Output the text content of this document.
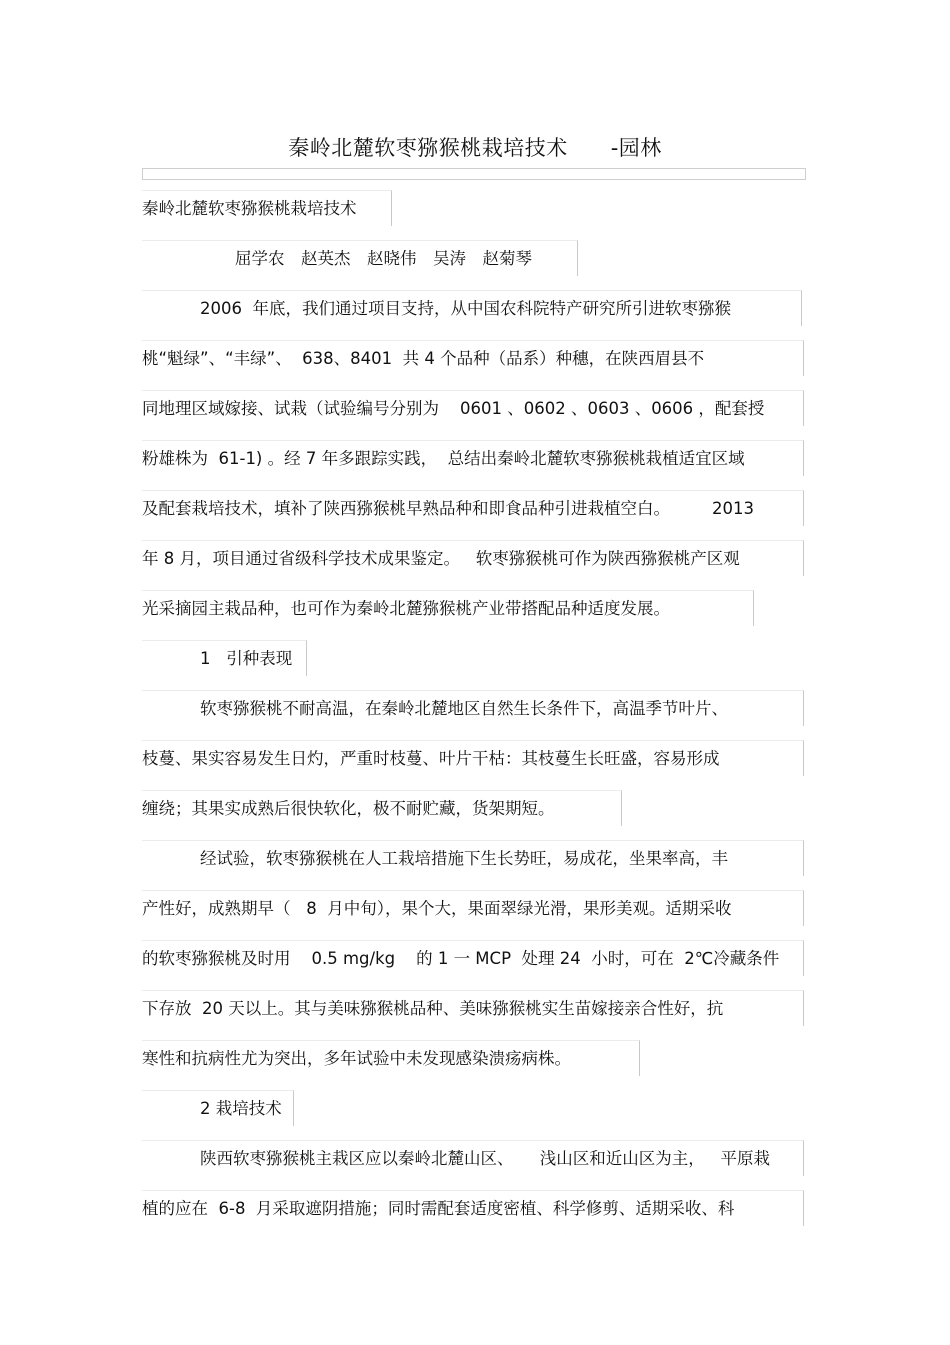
秦岭北麓软枣猕猴桃栽培技术　　-园林
秦岭北麓软枣猕猴桃栽培技术
屈学农　赵英杰　赵晓伟　吴涛　赵菊琴
2006  年底，我们通过项目支持，从中国农科院特产研究所引进软枣猕猴
桃“魁绿”、“丰绿”、  638、8401  共 4 个品种（品系）种穗，在陕西眉县不
同地理区域嫁接、试栽（试验编号分别为    0601 、0602 、0603 、0606 ，配套授
粉雄株为  61-1) 。经 7 年多跟踪实践，  总结出秦岭北麓软枣猕猴桃栽植适宜区域
及配套栽培技术，填补了陕西猕猴桃早熟品种和即食品种引进栽植空白。        2013
年 8 月，项目通过省级科学技术成果鉴定。   软枣猕猴桃可作为陕西猕猴桃产区观
光采摘园主栽品种，也可作为秦岭北麓猕猴桃产业带搭配品种适度发展。
1   引种表现
软枣猕猴桃不耐高温，在秦岭北麓地区自然生长条件下，高温季节叶片、
枝蔓、果实容易发生日灼，严重时枝蔓、叶片干枯：其枝蔓生长旺盛，容易形成
缠绕；其果实成熟后很快软化，极不耐贮藏，货架期短。
经试验，软枣猕猴桃在人工栽培措施下生长势旺，易成花，坐果率高，丰
产性好，成熟期早（   8  月中旬），果个大，果面翠绿光滑，果形美观。适期采收
的软枣猕猴桃及时用    0.5 mg/kg    的 1 一 MCP  处理 24  小时，可在  2℃冷藏条件
下存放  20 天以上。其与美味猕猴桃品种、美味猕猴桃实生苗嫁接亲合性好，抗
寒性和抗病性尤为突出，多年试验中未发现感染溃疡病株。
2 栽培技术
陕西软枣猕猴桃主栽区应以秦岭北麓山区、     浅山区和近山区为主，   平原栽
植的应在  6-8  月采取遮阴措施；同时需配套适度密植、科学修剪、适期采收、科
